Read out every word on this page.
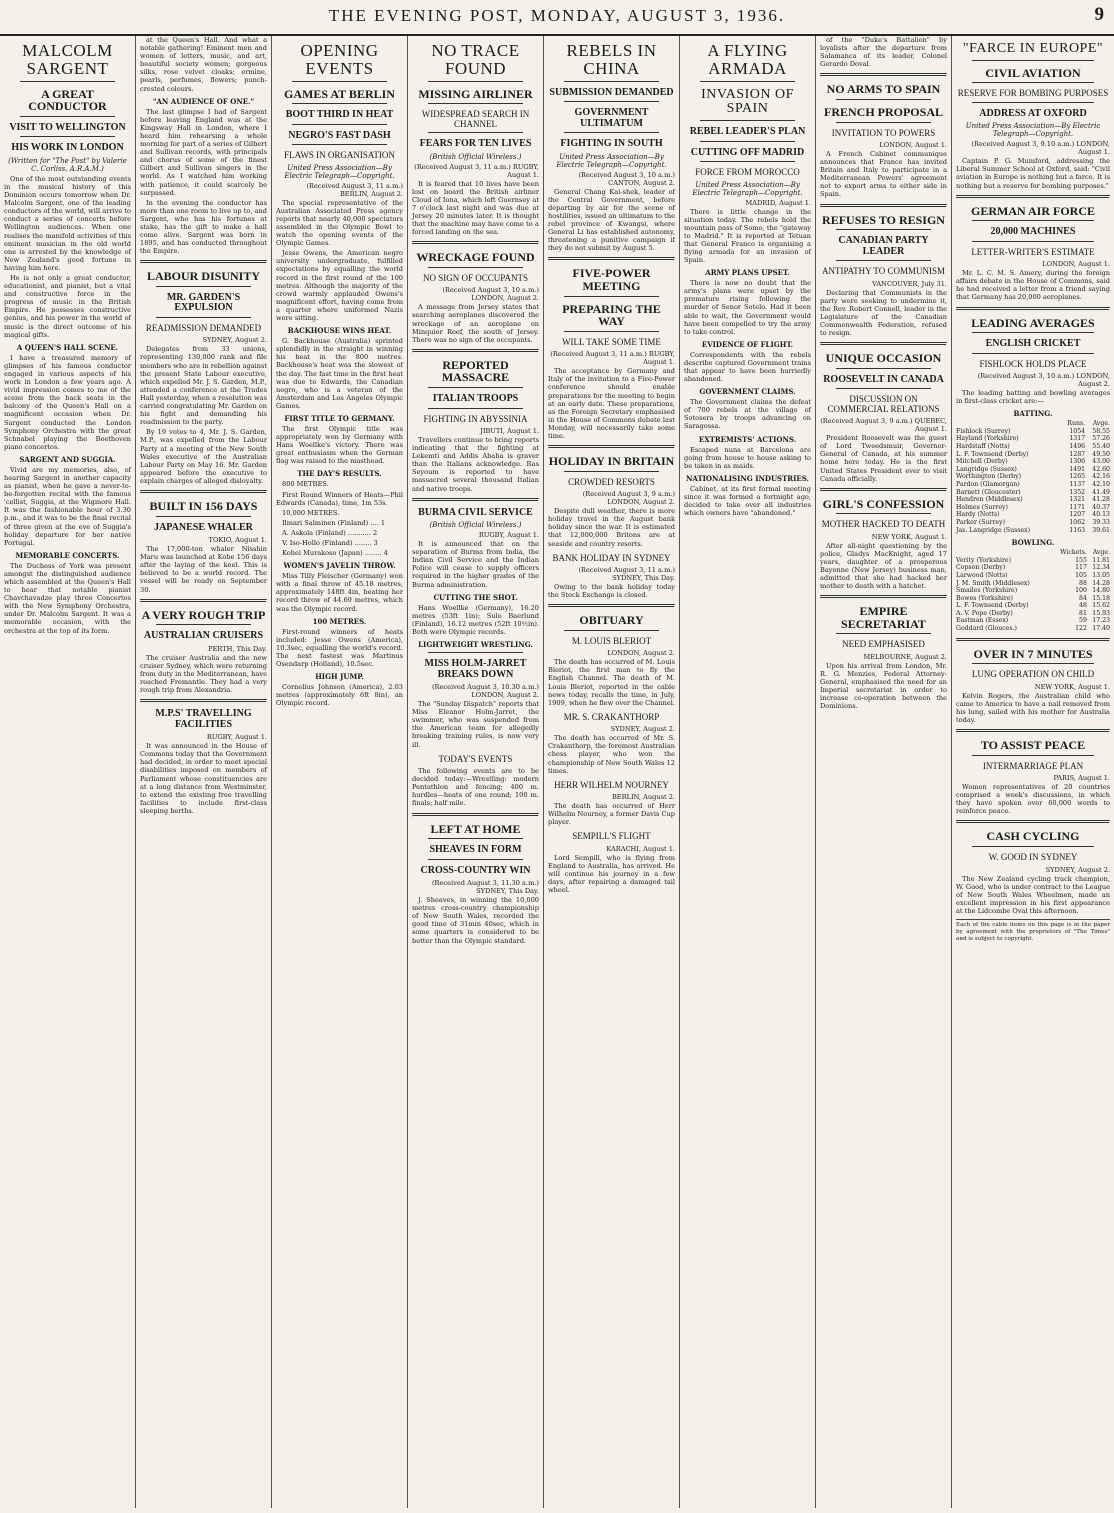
THE EVENING POST, MONDAY, AUGUST 3, 1936.	9
MALCOLM SARGENT
A GREAT CONDUCTOR
VISIT TO WELLINGTON
HIS WORK IN LONDON
(Written for "The Post" by Valerie C. Corliss, A.R.A.M.)

One of the most outstanding events in the musical history of this Dominion occurs tomorrow when Dr. Malcolm Sargent, one of the leading conductors of the world, will arrive to conduct a series of concerts before Wellington audiences. When one realises the manifold activities of this eminent musician in the old world one is arrested by the knowledge of New Zealand's good fortune in having him here.

He is not only a great conductor, educationist, and pianist, but a vital and constructive force in the progress of music in the British Empire. He possesses constructive genius, and his power in the world of music is the direct outcome of his magical gifts.

A QUEEN'S HALL SCENE.

I have a treasured memory of glimpses of his famous conductor engaged in various aspects of his work in London a few years ago. A vivid impression comes to me of the scene from the back seats in the balcony of the Queen's Hall on a magnificent occasion when Dr. Sargent conducted the London Symphony Orchestra with the great Schnabel playing the Beethoven piano concertos.

SARGENT AND SUGGIA.

Vivid are my memories, also, of hearing Sargent in another capacity as pianist, when he gave a never-to-be-forgotten recital with the famous 'cellist, Suggia, at the Wigmore Hall. It was the fashionable hour of 3.30 p.m., and it was to be the final recital of three given at the eve of Suggia's holiday departure for her native Portugal.

MEMORABLE CONCERTS.

The Duchess of York was present amongst the distinguished audience which assembled at the Queen's Hall to hear that notable pianist Chavchavadze play three Concertos with the New Symphony Orchestra, under Dr. Malcolm Sargent. It was a memorable occasion, with the orchestra at the top of its form.

at the Queen's Hall. And what a notable gathering! Eminent men and women of letters, music, and art, beautiful society women; gorgeous silks, rose velvet cloaks; ermine, pearls, perfumes, flowers; punch-crested colours.

"AN AUDIENCE OF ONE."

The last glimpse I had of Sargent before leaving England was at the Kingsway Hall in London, where I heard him rehearsing a whole morning for part of a series of Gilbert and Sullivan records, with principals and chorus of some of the finest Gilbert and Sullivan singers in the world. As I watched him working with patience, it could scarcely be surpassed.

In the evening the conductor has more than one room to live up to, and Sargent, who has his fortunes at stake, has the gift to make a hall come alive. Sargent was born in 1895, and has conducted throughout the Empire.

LABOUR DISUNITY
MR. GARDEN'S EXPULSION
READMISSION DEMANDED
SYDNEY, August 2.

Delegates from 33 unions, representing 130,000 rank and file members who are in rebellion against the present State Labour executive, which expelled Mr. J. S. Garden, M.P., attended a conference at the Trades Hall yesterday, when a resolution was carried congratulating Mr. Garden on his fight and demanding his readmission to the party.

By 19 votes to 4, Mr. J. S. Garden, M.P., was expelled from the Labour Party at a meeting of the New South Wales executive of the Australian Labour Party on May 16. Mr. Garden appeared before the executive to explain charges of alleged disloyalty.

BUILT IN 156 DAYS
JAPANESE WHALER
TOKIO, August 1.

The 17,000-ton whaler Nisshin Maru was launched at Kobe 156 days after the laying of the keel. This is believed to be a world record. The vessel will be ready on September 30.

A VERY ROUGH TRIP
AUSTRALIAN CRUISERS
PERTH, This Day.

The cruiser Australia and the new cruiser Sydney, which were returning from duty in the Mediterranean, have reached Fremantle. They had a very rough trip from Alexandria.

M.P.S' TRAVELLING FACILITIES
RUGBY, August 1.

It was announced in the House of Commons today that the Government had decided, in order to meet special disabilities imposed on members of Parliament whose constituencies are at a long distance from Westminster, to extend the existing free travelling facilities to include first-class sleeping berths.

OPENING EVENTS
GAMES AT BERLIN
BOOT THIRD IN HEAT
NEGRO'S FAST DASH
FLAWS IN ORGANISATION
United Press Association—By Electric Telegraph—Copyright.
(Received August 3, 11 a.m.) BERLIN, August 2.

The special representative of the Australian Associated Press agency reports that nearly 40,000 spectators assembled in the Olympic Bowl to watch the opening events of the Olympic Games.

Jesse Owens, the American negro university undergraduate, fulfilled expectations by equalling the world record in the first round of the 100 metres. Although the majority of the crowd warmly applauded Owens's magnificent effort, having come from a quarter where uniformed Nazis were sitting.

BACKHOUSE WINS HEAT.

G. Backhouse (Australia) sprinted splendidly in the straight in winning his heat in the 800 metres. Backhouse's heat was the slowest of the day. The fast time in the first heat was due to Edwards, the Canadian negro, who is a veteran of the Amsterdam and Los Angeles Olympic Games.

FIRST TITLE TO GERMANY.

The first Olympic title was appropriately won by Germany with Hans Woellke's victory. There was great enthusiasm when the German flag was raised to the masthead.

THE DAY'S RESULTS.
800 METRES.
First Round Winners of Heats—Phil Edwards (Canada), time, 1m 53s.
10,000 METRES.
Ilmari Salminen (Finland) .... 1
A. Askola (Finland) ........... 2
V. Iso-Hollo (Finland) ........ 3
Kohei Murakoso (Japan) ........ 4
WOMEN'S JAVELIN THROW.

Miss Tilly Fleischer (Germany) won with a final throw of 45.18 metres, approximately 148ft 4in, beating her record throw of 44.69 metres, which was the Olympic record.

100 METRES.

First-round winners of heats included: Jesse Owens (America), 10.3sec, equalling the world's record. The next fastest was Martinus Osendarp (Holland), 10.5sec.

HIGH JUMP.

Cornelius Johnson (America), 2.03 metres (approximately 6ft 8in), an Olympic record.

NO TRACE FOUND
MISSING AIRLINER
WIDESPREAD SEARCH IN CHANNEL
FEARS FOR TEN LIVES
(British Official Wireless.)
(Received August 3, 11 a.m.) RUGBY, August 1.

It is feared that 10 lives have been lost on board the British airliner Cloud of Iona, which left Guernsey at 7 o'clock last night and was due at Jersey 20 minutes later. It is thought that the machine may have come to a forced landing on the sea.

WRECKAGE FOUND
NO SIGN OF OCCUPANTS
(Received August 3, 10 a.m.) LONDON, August 2.

A message from Jersey states that searching aeroplanes discovered the wreckage of an aeroplane on Minquier Reef, the south of Jersey. There was no sign of the occupants.

REPORTED MASSACRE
ITALIAN TROOPS
FIGHTING IN ABYSSINIA
JIBUTI, August 1.

Travellers continue to bring reports indicating that the fighting at Lekemti and Addis Ababa is graver than the Italians acknowledge. Ras Seyoum is reported to have massacred several thousand Italian and native troops.

BURMA CIVIL SERVICE
(British Official Wireless.)
RUGBY, August 1.

It is announced that on the separation of Burma from India, the Indian Civil Service and the Indian Police will cease to supply officers required in the higher grades of the Burma administration.

CUTTING THE SHOT.

Hans Woellke (Germany), 16.20 metres (53ft 1in); Sulo Baerlund (Finland), 16.12 metres (52ft 10½in). Both were Olympic records.

LIGHTWEIGHT WRESTLING.
MISS HOLM-JARRET BREAKS DOWN
(Received August 3, 10.30 a.m.) LONDON, August 2.

The "Sunday Dispatch" reports that Miss Eleanor Holm-Jarret, the swimmer, who was suspended from the American team for allegedly breaking training rules, is now very ill.

TODAY'S EVENTS

The following events are to be decided today:—Wrestling: modern Pentathlon and fencing; 400 m. hurdles—heats of one round; 100 m. finals; half mile.

LEFT AT HOME
SHEAVES IN FORM
CROSS-COUNTRY WIN
(Received August 3, 11.30 a.m.) SYDNEY, This Day.

J. Sheaves, in winning the 10,000 metres cross-country championship of New South Wales, recorded the good time of 31min 40sec, which in some quarters is considered to be better than the Olympic standard.

REBELS IN CHINA
SUBMISSION DEMANDED
GOVERNMENT ULTIMATUM
FIGHTING IN SOUTH
United Press Association—By Electric Telegraph—Copyright.
(Received August 3, 10 a.m.) CANTON, August 2.

General Chang Kai-shek, leader of the Central Government, before departing by air for the scene of hostilities, issued an ultimatum to the rebel province of Kwangsi, where General Li has established autonomy, threatening a punitive campaign if they do not submit by August 5.

FIVE-POWER MEETING
PREPARING THE WAY
WILL TAKE SOME TIME
(Received August 3, 11 a.m.) RUGBY, August 1.

The acceptance by Germany and Italy of the invitation to a Five-Power conference should enable preparations for the meeting to begin at an early date. These preparations, as the Foreign Secretary emphasised in the House of Commons debate last Monday, will necessarily take some time.

HOLIDAY IN BRITAIN
CROWDED RESORTS
(Received August 3, 9 a.m.) LONDON, August 2.

Despite dull weather, there is more holiday travel in the August bank holiday since the war. It is estimated that 12,000,000 Britons are at seaside and country resorts.

BANK HOLIDAY IN SYDNEY
(Received August 3, 11 a.m.) SYDNEY, This Day.

Owing to the bank holiday today the Stock Exchange is closed.

OBITUARY
M. LOUIS BLERIOT
LONDON, August 2.

The death has occurred of M. Louis Bleriot, the first man to fly the English Channel. The death of M. Louis Bleriot, reported in the cable news today, recalls the time, in July, 1909, when he flew over the Channel.

MR. S. CRAKANTHORP
SYDNEY, August 2.

The death has occurred of Mr. S. Crakanthorp, the foremost Australian chess player, who won the championship of New South Wales 12 times.

HERR WILHELM NOURNEY
BERLIN, August 2.

The death has occurred of Herr Wilhelm Nourney, a former Davis Cup player.

SEMPILL'S FLIGHT
KARACHI, August 1.

Lord Sempill, who is flying from England to Australia, has arrived. He will continue his journey in a few days, after repairing a damaged tail wheel.

A FLYING ARMADA
INVASION OF SPAIN
REBEL LEADER'S PLAN
CUTTING OFF MADRID
FORCE FROM MOROCCO
United Press Association—By Electric Telegraph—Copyright.
MADRID, August 1.

There is little change in the situation today. The rebels hold the mountain pass of Somo, the "gateway to Madrid." It is reported at Tetuan that General Franco is organising a flying armada for an invasion of Spain.

ARMY PLANS UPSET.

There is now no doubt that the army's plans were upset by the premature rising following the murder of Senor Sotelo. Had it been able to wait, the Government would have been compelled to try the army to take control.

EVIDENCE OF FLIGHT.

Correspondents with the rebels describe captured Government trains that appear to have been hurriedly abandoned.

GOVERNMENT CLAIMS.

The Government claims the defeat of 700 rebels at the village of Sotosera by troops advancing on Saragossa.

EXTREMISTS' ACTIONS.

Escaped nuns at Barcelona are going from house to house asking to be taken in as maids.

NATIONALISING INDUSTRIES.

Cabinet, at its first formal meeting since it was formed a fortnight ago, decided to take over all industries which owners have "abandoned."

of the "Duke's Battalion" by loyalists after the departure from Salamanca of its leader, Colonel Gerardo Doval.

NO ARMS TO SPAIN
FRENCH PROPOSAL
INVITATION TO POWERS
LONDON, August 1.

A French Cabinet communique announces that France has invited Britain and Italy to participate in a Mediterranean Powers' agreement not to export arms to either side in Spain.

REFUSES TO RESIGN
CANADIAN PARTY LEADER
ANTIPATHY TO COMMUNISM
VANCOUVER, July 31.

Declaring that Communists in the party were seeking to undermine it, the Rev. Robert Connell, leader in the Legislature of the Canadian Commonwealth Federation, refused to resign.

UNIQUE OCCASION
ROOSEVELT IN CANADA
DISCUSSION ON COMMERCIAL RELATIONS
(Received August 3, 9 a.m.) QUEBEC, August 1.

President Roosevelt was the guest of Lord Tweedsmuir, Governor-General of Canada, at his summer home here today. He is the first United States President ever to visit Canada officially.

GIRL'S CONFESSION
MOTHER HACKED TO DEATH
NEW YORK, August 1.

After all-night questioning by the police, Gladys MacKnight, aged 17 years, daughter of a prosperous Bayonne (New Jersey) business man, admitted that she had hacked her mother to death with a hatchet.

EMPIRE SECRETARIAT
NEED EMPHASISED
MELBOURNE, August 2.

Upon his arrival from London, Mr. R. G. Menzies, Federal Attorney-General, emphasised the need for an Imperial secretariat in order to increase co-operation between the Dominions.

"FARCE IN EUROPE"
CIVIL AVIATION
RESERVE FOR BOMBING PURPOSES
ADDRESS AT OXFORD
United Press Association—By Electric Telegraph—Copyright.
(Received August 3, 9.10 a.m.) LONDON, August 1.

Captain P. G. Mumford, addressing the Liberal Summer School at Oxford, said: "Civil aviation in Europe is nothing but a farce. It is nothing but a reserve for bombing purposes."

GERMAN AIR FORCE
20,000 MACHINES
LETTER-WRITER'S ESTIMATE
LONDON, August 1.

Mr. L. C. M. S. Amery, during the foreign affairs debate in the House of Commons, said he had received a letter from a friend saying that Germany has 20,000 aeroplanes.

LEADING AVERAGES
ENGLISH CRICKET
FISHLOCK HOLDS PLACE
(Received August 3, 10 a.m.) LONDON, August 2.

The leading batting and bowling averages in first-class cricket are:—

BATTING.
	Runs.	Avge.
Fishlock (Surrey)	1054	58.55
Hayland (Yorkshire)	1317	57.26
Hardstaff (Notts)	1496	55.40
L. F. Townsend (Derby)	1287	49.50
Mitchell (Derby)	1306	43.00
Langridge (Sussex)	1491	42.60
Worthington (Derby)	1265	42.16
Pardon (Glamorgan)	1137	42.10
Barnett (Gloucester)	1352	41.49
Hendren (Middlesex)	1321	41.28
Holmes (Surrey)	1171	40.37
Hardy (Notts)	1207	40.13
Parker (Surrey)	1062	39.33
Jas. Langridge (Sussex)	1163	39.61
BOWLING.
	Wickets.	Avge.
Verity (Yorkshire)	155	11.81
Copson (Derby)	117	12.34
Larwood (Notts)	105	13.05
J. M. Smith (Middlesex)	88	14.28
Smailes (Yorkshire)	100	14.80
Bowes (Yorkshire)	84	15.18
L. F. Townsend (Derby)	48	15.62
A. V. Pope (Derby)	81	15.93
Eastman (Essex)	59	17.23
Goddard (Glouces.)	122	17.40
OVER IN 7 MINUTES
LUNG OPERATION ON CHILD
NEW YORK, August 1.

Kelvin Rogers, the Australian child who came to America to have a nail removed from his lung, sailed with his mother for Australia today.

TO ASSIST PEACE
INTERMARRIAGE PLAN
PARIS, August 1.

Women representatives of 20 countries comprised a week's discussions, in which they have spoken over 60,000 words to reinforce peace.

CASH CYCLING
W. GOOD IN SYDNEY
SYDNEY, August 2.

The New Zealand cycling track champion, W. Good, who is under contract to the League of New South Wales Wheelmen, made an excellent impression in his first appearance at the Lidcombe Oval this afternoon.

Each of the cable items on this page is in the paper by agreement with the proprietors of "The Times" and is subject to copyright.
